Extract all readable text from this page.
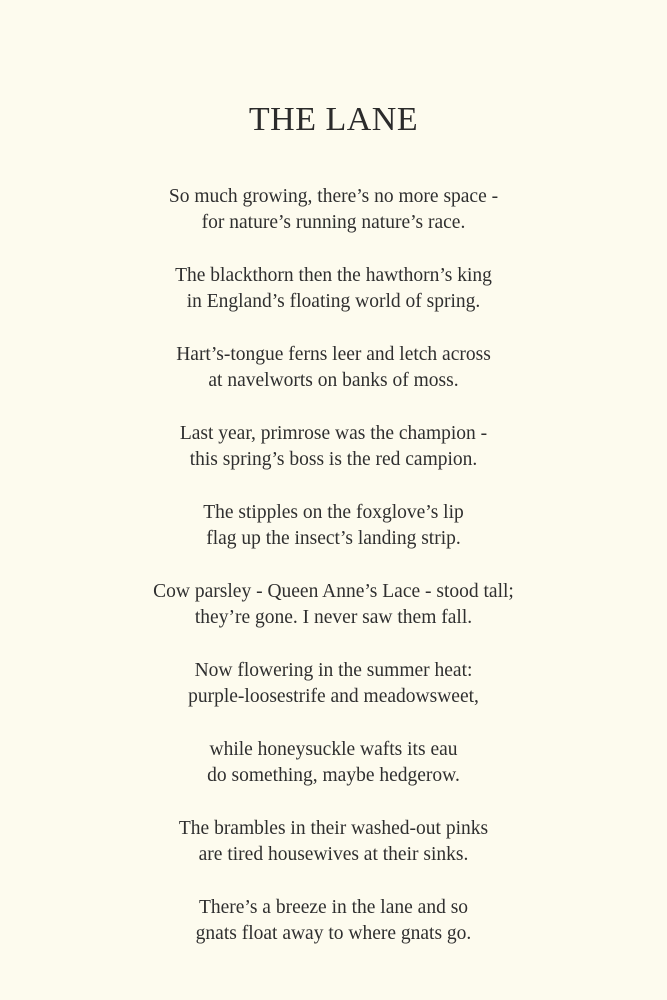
THE LANE
So much growing, there’s no more space -
for nature’s running nature’s race.
The blackthorn then the hawthorn’s king
in England’s floating world of spring.
Hart’s-tongue ferns leer and letch across
at navelworts on banks of moss.
Last year, primrose was the champion -
this spring’s boss is the red campion.
The stipples on the foxglove’s lip
flag up the insect’s landing strip.
Cow parsley - Queen Anne’s Lace - stood tall;
they’re gone. I never saw them fall.
Now flowering in the summer heat:
purple-loosestrife and meadowsweet,
while honeysuckle wafts its eau
do something, maybe hedgerow.
The brambles in their washed-out pinks
are tired housewives at their sinks.
There’s a breeze in the lane and so
gnats float away to where gnats go.
